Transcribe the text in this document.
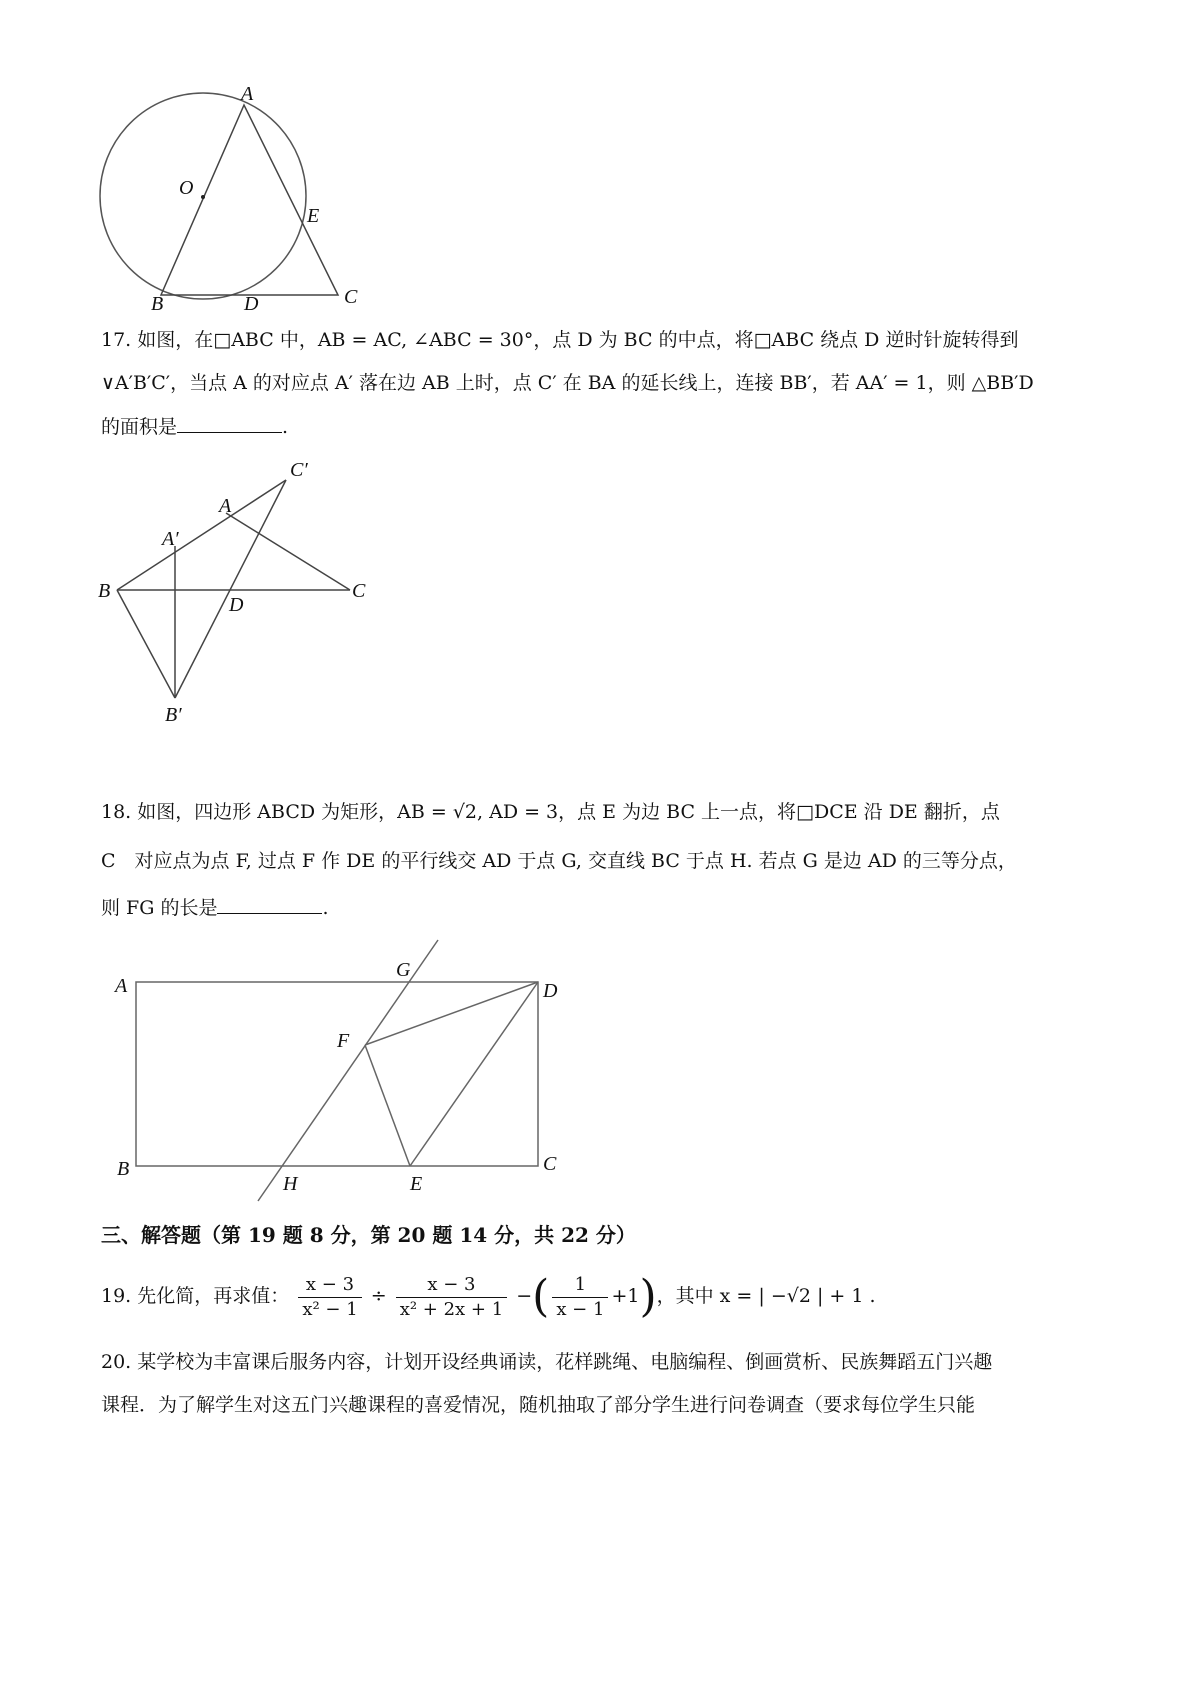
A
O
E
B	D	C
17. 如图，在□ABC 中，AB = AC, ∠ABC = 30°，点 D 为 BC 的中点，将□ABC 绕点 D 逆时针旋转得到
∨A′B′C′，当点 A 的对应点 A′ 落在边 AB 上时，点 C′ 在 BA 的延长线上，连接 BB′，若 AA′ = 1，则 △BB′D
的面积是	.
C′
A
A′
B	C
D
B′
18. 如图，四边形 ABCD 为矩形，AB = √2, AD = 3，点 E 为边 BC 上一点，将□DCE 沿 DE 翻折，点
C　对应点为点 F, 过点 F 作 DE 的平行线交 AD 于点 G, 交直线 BC 于点 H. 若点 G 是边 AD 的三等分点，
则 FG 的长是	.
A
G
D
F
B
H	E
C
三、解答题（第 19 题 8 分，第 20 题 14 分，共 22 分）
19. 先化简，再求值： $\frac{x - 3}{\text{x² − 1}} \div \frac{x - 3}{\text{x² + 2x + 1}}$ −( $\frac{1}{x - 1} +1$)，其中 x = | −√2 | + 1 .
20. 某学校为丰富课后服务内容，计划开设经典诵读，花样跳绳、电脑编程、倒画赏析、民族舞蹈五门兴趣
课程．为了解学生对这五门兴趣课程的喜爱情况，随机抽取了部分学生进行问卷调查（要求每位学生只能
